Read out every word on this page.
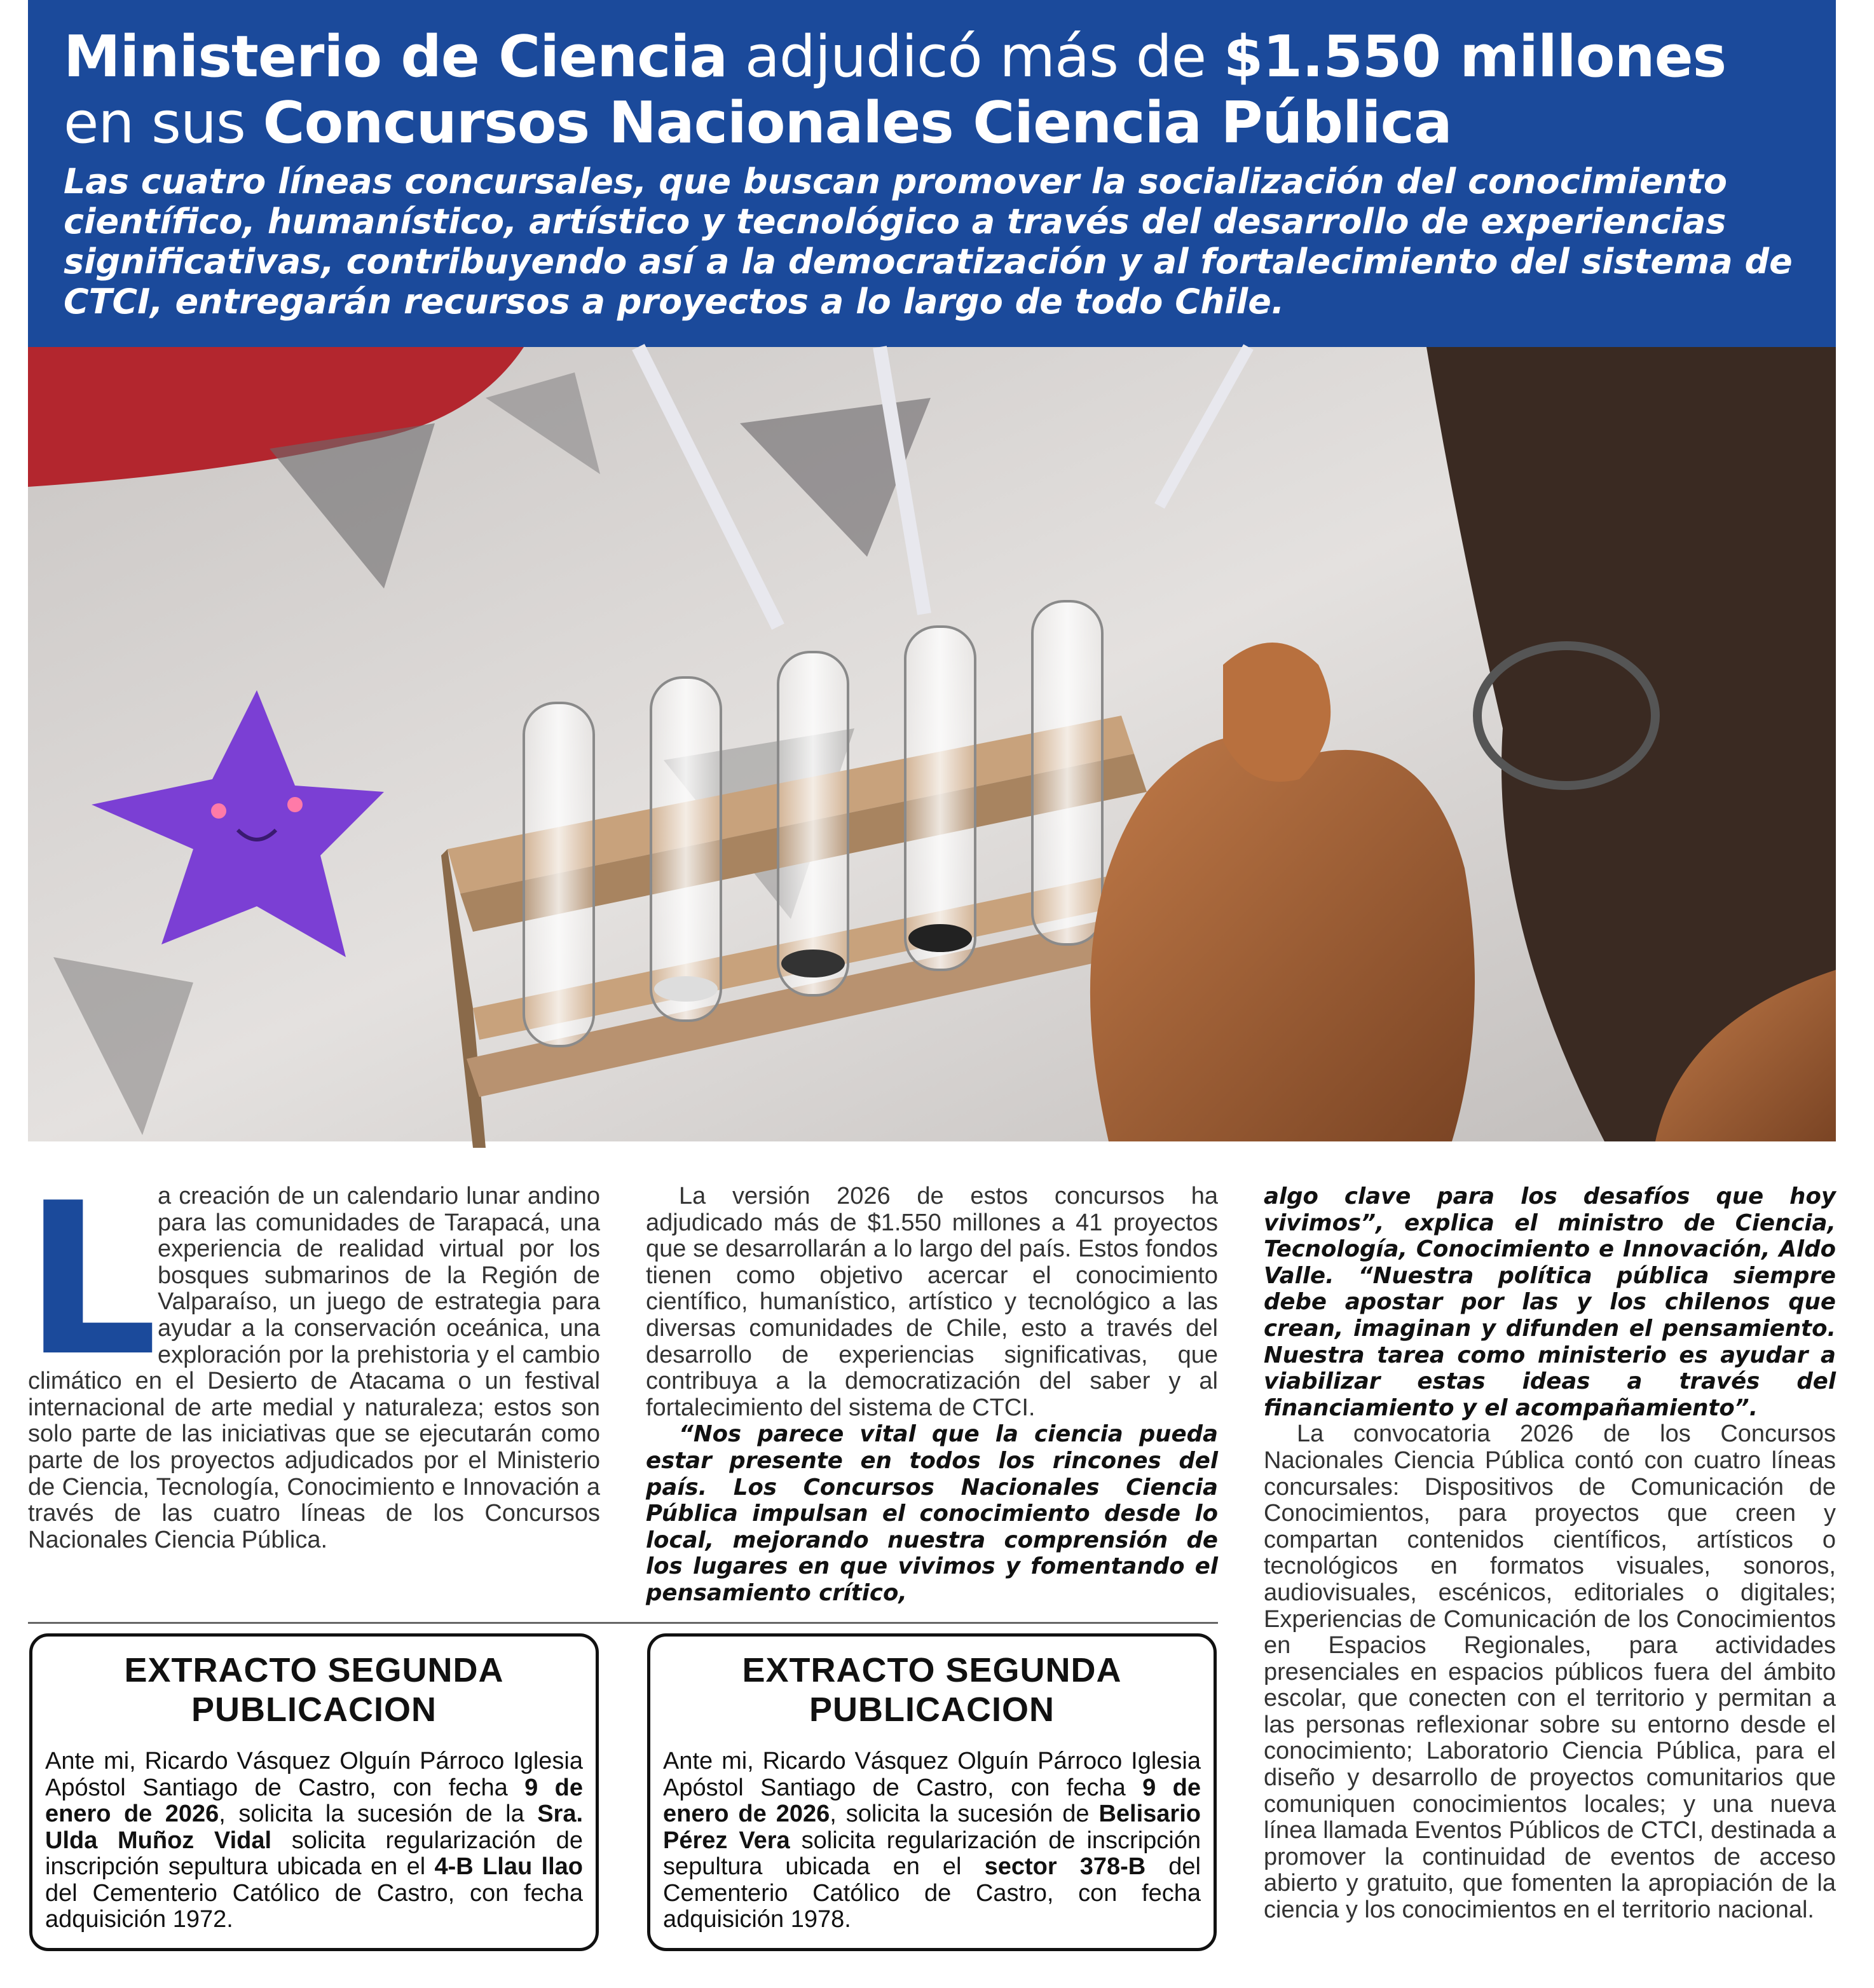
Ministerio de Ciencia adjudicó más de $1.550 millones
en sus Concursos Nacionales Ciencia Pública
Las cuatro líneas concursales, que buscan promover la socialización del conocimiento científico, humanístico, artístico y tecnológico a través del desarrollo de experiencias significativas, contribuyendo así a la democratización y al fortalecimiento del sistema de CTCI, entregarán recursos a proyectos a lo largo de todo Chile.
L a creación de un calendario lunar andino para las comunidades de Tarapacá, una experiencia de realidad virtual por los bosques submarinos de la Región de Valparaíso, un juego de estrategia para ayudar a la conservación oceánica, una exploración por la prehistoria y el cambio climático en el Desierto de Atacama o un festival internacional de arte medial y naturaleza; estos son solo parte de las iniciativas que se ejecutarán como parte de los proyectos adjudicados por el Ministerio de Ciencia, Tecnología, Conocimiento e Innovación a través de las cuatro líneas de los Concursos Nacionales Ciencia Pública.

La versión 2026 de estos concursos ha adjudicado más de $1.550 millones a 41 proyectos que se desarrollarán a lo largo del país. Estos fondos tienen como objetivo acercar el conocimiento científico, humanístico, artístico y tecnológico a las diversas comunidades de Chile, esto a través del desarrollo de experiencias significativas, que contribuya a la democratización del saber y al fortalecimiento del sistema de CTCI.

“Nos parece vital que la ciencia pueda estar presente en todos los rincones del país. Los Concursos Nacionales Ciencia Pública impulsan el conocimiento desde lo local, mejorando nuestra comprensión de los lugares en que vivimos y fomentando el pensamiento crítico,

algo clave para los desafíos que hoy vivimos”, explica el ministro de Ciencia, Tecnología, Conocimiento e Innovación, Aldo Valle. “Nuestra política pública siempre debe apostar por las y los chilenos que crean, imaginan y difunden el pensamiento. Nuestra tarea como ministerio es ayudar a viabilizar estas ideas a través del financiamiento y el acompañamiento”.

La convocatoria 2026 de los Concursos Nacionales Ciencia Pública contó con cuatro líneas concursales: Dispositivos de Comunicación de Conocimientos, para proyectos que creen y compartan contenidos científicos, artísticos o tecnológicos en formatos visuales, sonoros, audiovisuales, escénicos, editoriales o digitales; Experiencias de Comunicación de los Conocimientos en Espacios Regionales, para actividades presenciales en espacios públicos fuera del ámbito escolar, que conecten con el territorio y permitan a las personas reflexionar sobre su entorno desde el conocimiento; Laboratorio Ciencia Pública, para el diseño y desarrollo de proyectos comunitarios que comuniquen conocimientos locales; y una nueva línea llamada Eventos Públicos de CTCI, destinada a promover la continuidad de eventos de acceso abierto y gratuito, que fomenten la apropiación de la ciencia y los conocimientos en el territorio nacional.

EXTRACTO SEGUNDA PUBLICACION
Ante mi, Ricardo Vásquez Olguín Párroco Iglesia Apóstol Santiago de Castro, con fecha 9 de enero de 2026, solicita la sucesión de la Sra. Ulda Muñoz Vidal solicita regularización de inscripción sepultura ubicada en el 4-B Llau llao del Cementerio Católico de Castro, con fecha adquisición 1972.
EXTRACTO SEGUNDA PUBLICACION
Ante mi, Ricardo Vásquez Olguín Párroco Iglesia Apóstol Santiago de Castro, con fecha 9 de enero de 2026, solicita la sucesión de Belisario Pérez Vera solicita regularización de inscripción sepultura ubicada en el sector 378-B del Cementerio Católico de Castro, con fecha adquisición 1978.
